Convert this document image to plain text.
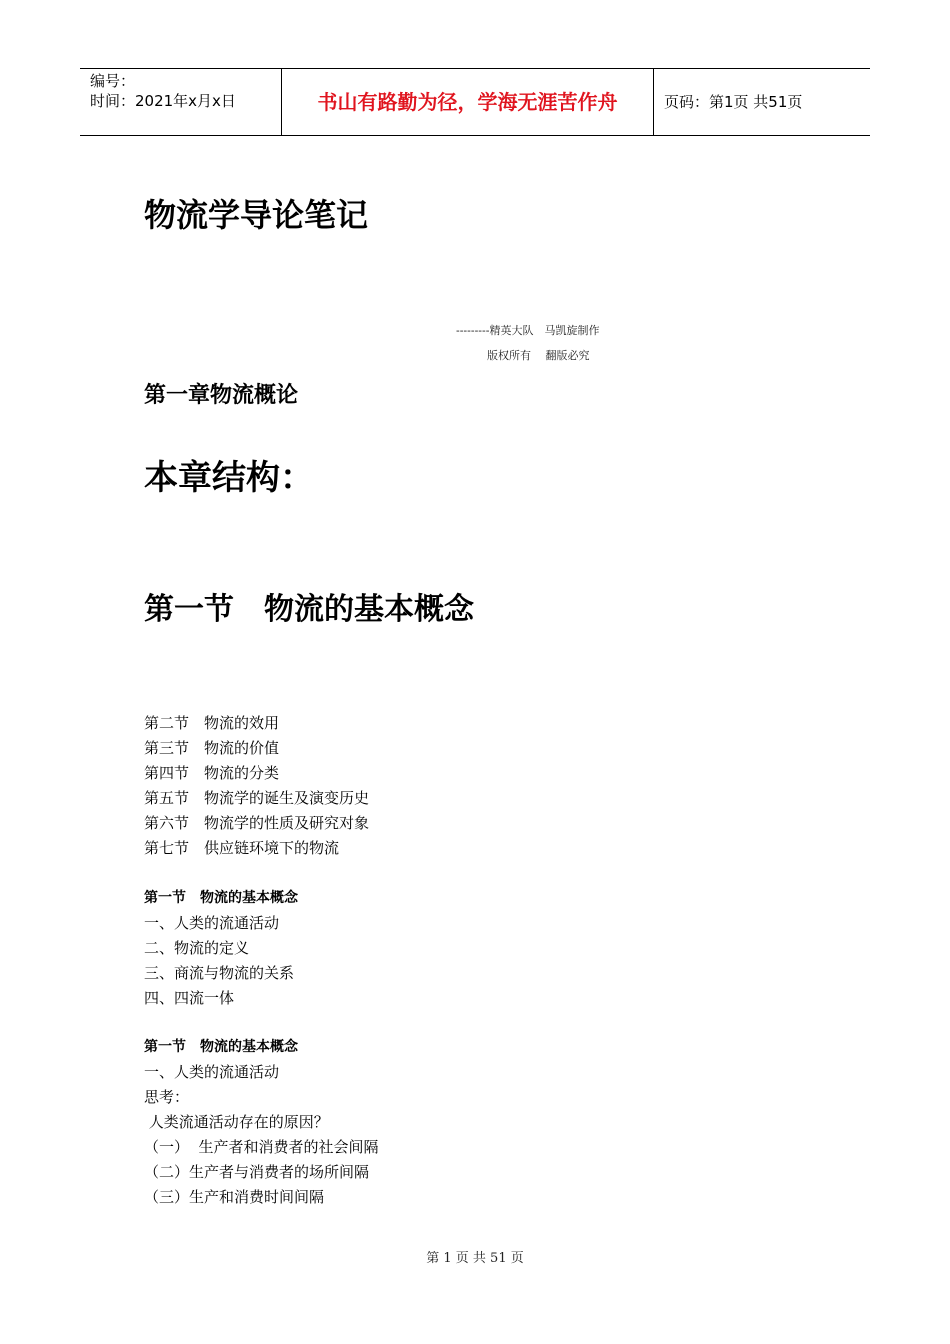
编号：
时间：2021年x月x日	书山有路勤为径，学海无涯苦作舟	页码：第1页 共51页
物流学导论笔记
---------精英大队　马凯旋制作
版权所有　 翻版必究
第一章物流概论
本章结构：
第一节　物流的基本概念
第二节　物流的效用
第三节　物流的价值
第四节　物流的分类
第五节　物流学的诞生及演变历史
第六节　物流学的性质及研究对象
第七节　供应链环境下的物流
第一节　物流的基本概念
一、人类的流通活动
二、物流的定义
三、商流与物流的关系
四、四流一体
第一节　物流的基本概念
一、人类的流通活动
思考：
人类流通活动存在的原因？
（一）  生产者和消费者的社会间隔
（二）生产者与消费者的场所间隔
（三）生产和消费时间间隔
第 1 页 共 51 页
